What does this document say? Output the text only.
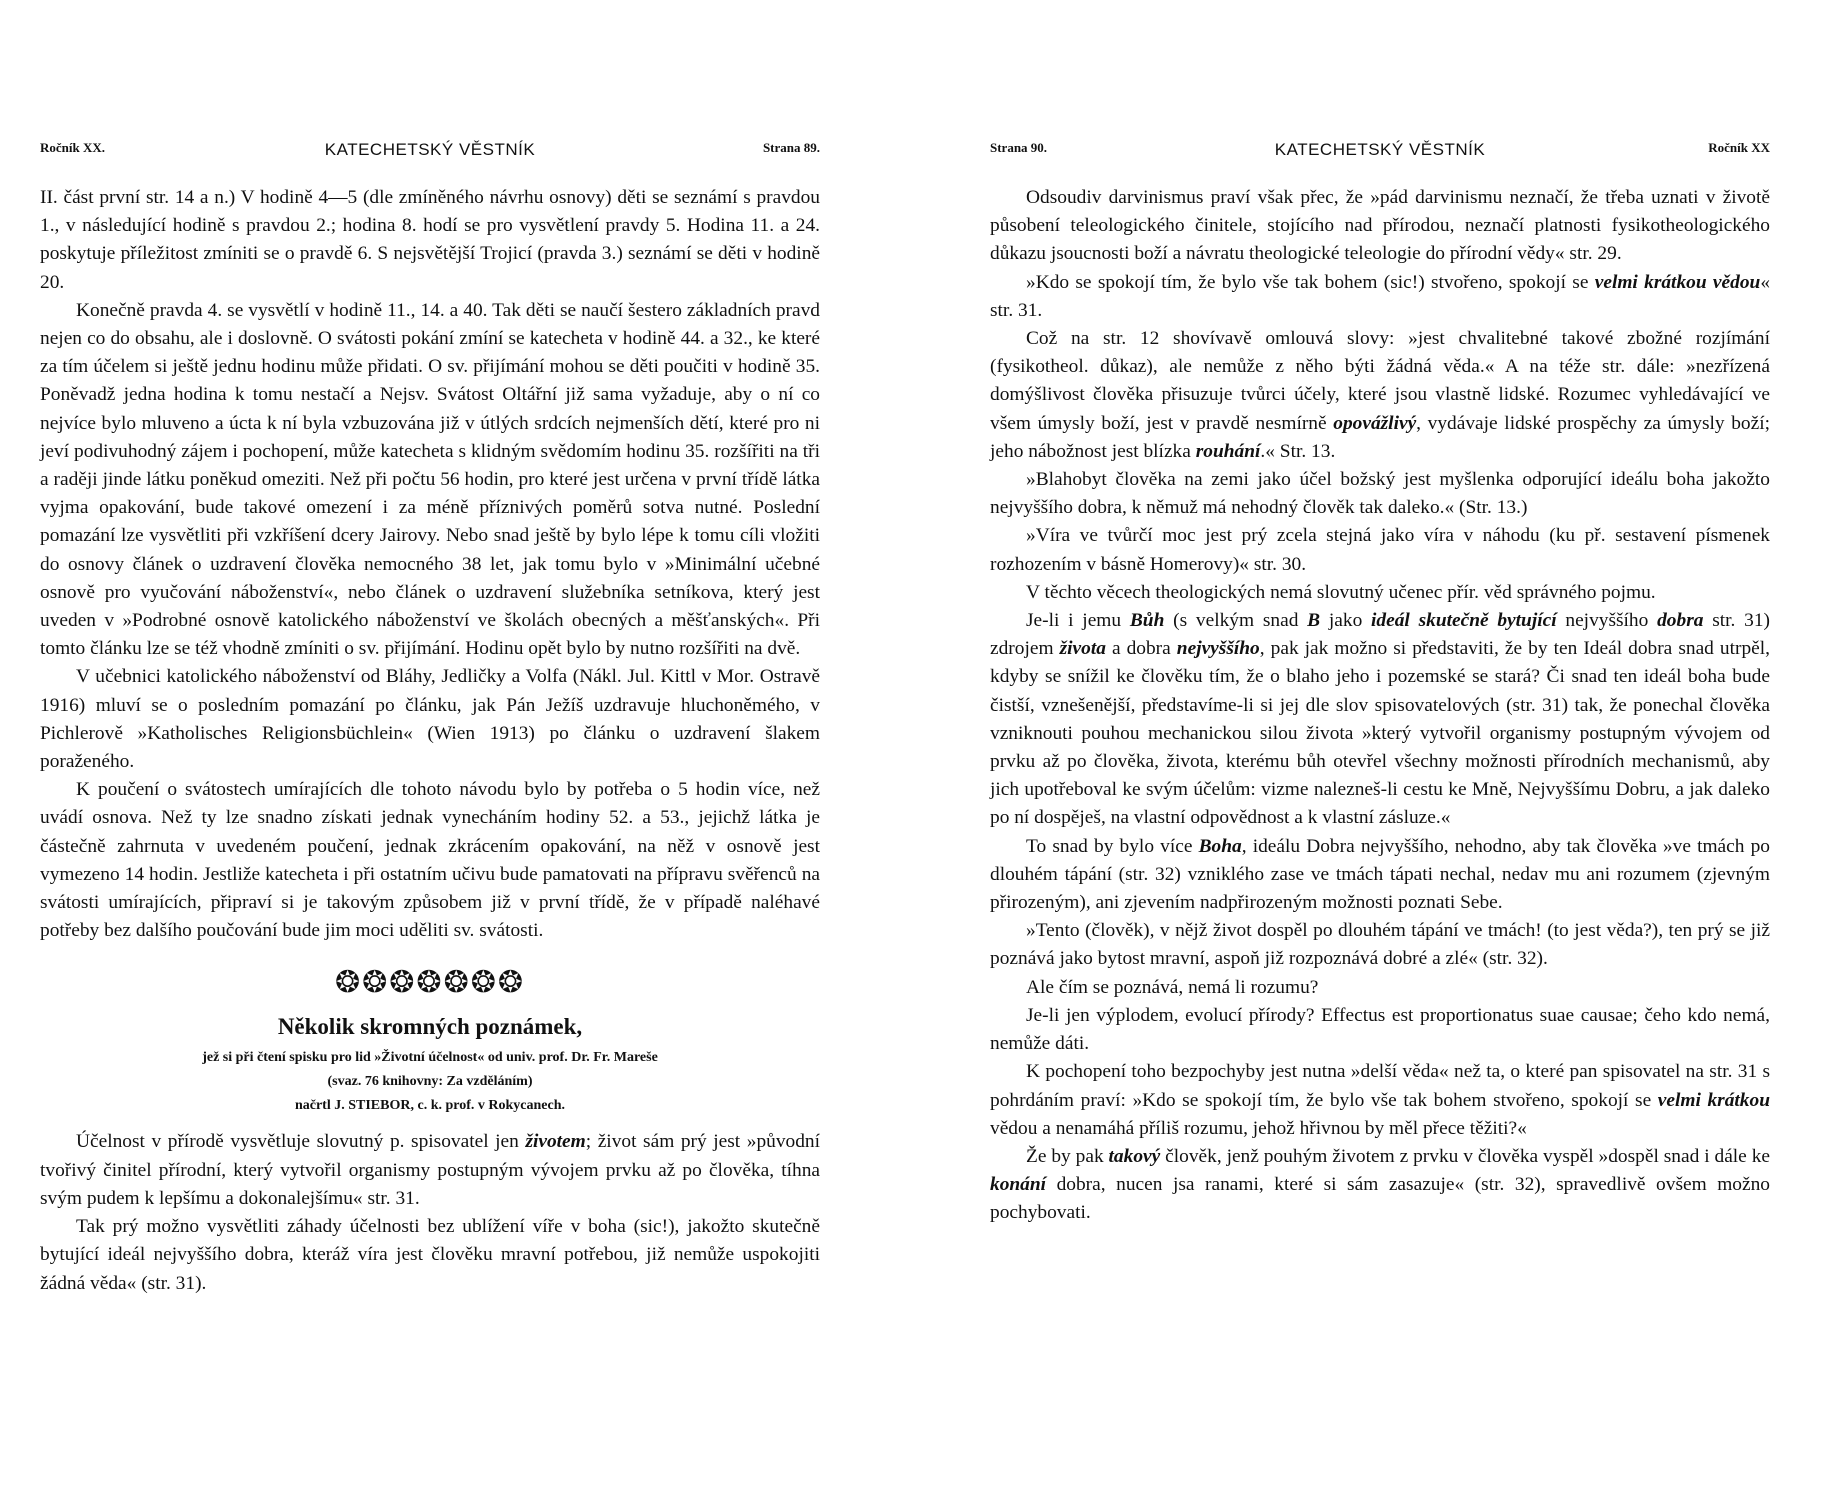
Ročník XX.	KATECHETSKÝ VĚSTNÍK	Strana 89.

II. část první str. 14 a n.) V hodině 4—5 (dle zmíněného návrhu osnovy) děti se seznámí s pravdou 1., v následující hodině s pravdou 2.; hodina 8. hodí se pro vysvětlení pravdy 5. Hodina 11. a 24. poskytuje příležitost zmíniti se o pravdě 6. S nejsvětější Trojicí (pravda 3.) seznámí se děti v hodině 20.

Konečně pravda 4. se vysvětlí v hodině 11., 14. a 40. Tak děti se naučí šestero základních pravd nejen co do obsahu, ale i doslovně. O svátosti pokání zmíní se katecheta v hodině 44. a 32., ke které za tím účelem si ještě jednu hodinu může přidati. O sv. přijímání mohou se děti poučiti v hodině 35. Poněvadž jedna hodina k tomu nestačí a Nejsv. Svátost Oltářní již sama vyžaduje, aby o ní co nejvíce bylo mluveno a úcta k ní byla vzbuzována již v útlých srdcích nejmenších dětí, které pro ni jeví podivuhodný zájem i pochopení, může katecheta s klidným svědomím hodinu 35. rozšířiti na tři a raději jinde látku poněkud omeziti. Než při počtu 56 hodin, pro které jest určena v první třídě látka vyjma opakování, bude takové omezení i za méně příznivých poměrů sotva nutné. Poslední pomazání lze vysvětliti při vzkříšení dcery Jairovy. Nebo snad ještě by bylo lépe k tomu cíli vložiti do osnovy článek o uzdravení člověka nemocného 38 let, jak tomu bylo v »Minimální učebné osnově pro vyučování náboženství«, nebo článek o uzdravení služebníka setníkova, který jest uveden v »Podrobné osnově katolického náboženství ve školách obecných a měšťanských«. Při tomto článku lze se též vhodně zmíniti o sv. přijímání. Hodinu opět bylo by nutno rozšířiti na dvě.

V učebnici katolického náboženství od Bláhy, Jedličky a Volfa (Nákl. Jul. Kittl v Mor. Ostravě 1916) mluví se o posledním pomazání po článku, jak Pán Ježíš uzdravuje hluchoněmého, v Pichlerově »Katholisches Religionsbüchlein« (Wien 1913) po článku o uzdravení šlakem poraženého.

K poučení o svátostech umírajících dle tohoto návodu bylo by potřeba o 5 hodin více, než uvádí osnova. Než ty lze snadno získati jednak vynecháním hodiny 52. a 53., jejichž látka je částečně zahrnuta v uvedeném poučení, jednak zkrácením opakování, na něž v osnově jest vymezeno 14 hodin. Jestliže katecheta i při ostatním učivu bude pamatovati na přípravu svěřenců na svátosti umírajících, připraví si je takovým způsobem již v první třídě, že v případě naléhavé potřeby bez dalšího poučování bude jim moci uděliti sv. svátosti.

❂❂❂❂❂❂❂
Několik skromných poznámek,
jež si při čtení spisku pro lid »Životní účelnost« od univ. prof. Dr. Fr. Mareše
(svaz. 76 knihovny: Za vzděláním)
načrtl J. STIEBOR, c. k. prof. v Rokycanech.

Účelnost v přírodě vysvětluje slovutný p. spisovatel jen životem; život sám prý jest »původní tvořivý činitel přírodní, který vytvořil organismy postupným vývojem prvku až po člověka, tíhna svým pudem k lepšímu a dokonalejšímu« str. 31.

Tak prý možno vysvětliti záhady účelnosti bez ublížení víře v boha (sic!), jakožto skutečně bytující ideál nejvyššího dobra, kteráž víra jest člověku mravní potřebou, již nemůže uspokojiti žádná věda« (str. 31).

Strana 90.	KATECHETSKÝ VĚSTNÍK	Ročník XX

Odsoudiv darvinismus praví však přec, že »pád darvinismu neznačí, že třeba uznati v životě působení teleologického činitele, stojícího nad přírodou, neznačí platnosti fysikotheologického důkazu jsoucnosti boží a návratu theologické teleologie do přírodní vědy« str. 29.

»Kdo se spokojí tím, že bylo vše tak bohem (sic!) stvořeno, spokojí se velmi krátkou vědou« str. 31.

Což na str. 12 shovívavě omlouvá slovy: »jest chvalitebné takové zbožné rozjímání (fysikotheol. důkaz), ale nemůže z něho býti žádná věda.« A na téže str. dále: »nezřízená domýšlivost člověka přisuzuje tvůrci účely, které jsou vlastně lidské. Rozumec vyhledávající ve všem úmysly boží, jest v pravdě nesmírně opovážlivý, vydávaje lidské prospěchy za úmysly boží; jeho nábožnost jest blízka rouhání.« Str. 13.

»Blahobyt člověka na zemi jako účel božský jest myšlenka odporující ideálu boha jakožto nejvyššího dobra, k němuž má nehodný člověk tak daleko.« (Str. 13.)

»Víra ve tvůrčí moc jest prý zcela stejná jako víra v náhodu (ku př. sestavení písmenek rozhozením v básně Homerovy)« str. 30.

V těchto věcech theologických nemá slovutný učenec přír. věd správného pojmu.

Je-li i jemu Bůh (s velkým snad B jako ideál skutečně bytující nejvyššího dobra str. 31) zdrojem života a dobra nejvyššího, pak jak možno si představiti, že by ten Ideál dobra snad utrpěl, kdyby se snížil ke člověku tím, že o blaho jeho i pozemské se stará? Či snad ten ideál boha bude čistší, vznešenější, představíme-li si jej dle slov spisovatelových (str. 31) tak, že ponechal člověka vzniknouti pouhou mechanickou silou života »který vytvořil organismy postupným vývojem od prvku až po člověka, života, kterému bůh otevřel všechny možnosti přírodních mechanismů, aby jich upotřeboval ke svým účelům: vizme nalezneš-li cestu ke Mně, Nejvyššímu Dobru, a jak daleko po ní dospěješ, na vlastní odpovědnost a k vlastní zásluze.«

To snad by bylo více Boha, ideálu Dobra nejvyššího, nehodno, aby tak člověka »ve tmách po dlouhém tápání (str. 32) vzniklého zase ve tmách tápati nechal, nedav mu ani rozumem (zjevným přirozeným), ani zjevením nadpřirozeným možnosti poznati Sebe.

»Tento (člověk), v nějž život dospěl po dlouhém tápání ve tmách! (to jest věda?), ten prý se již poznává jako bytost mravní, aspoň již rozpoznává dobré a zlé« (str. 32).

Ale čím se poznává, nemá li rozumu?

Je-li jen výplodem, evolucí přírody? Effectus est proportionatus suae causae; čeho kdo nemá, nemůže dáti.

K pochopení toho bezpochyby jest nutna »delší věda« než ta, o které pan spisovatel na str. 31 s pohrdáním praví: »Kdo se spokojí tím, že bylo vše tak bohem stvořeno, spokojí se velmi krátkou vědou a nenamáhá příliš rozumu, jehož hřivnou by měl přece těžiti?«

Že by pak takový člověk, jenž pouhým životem z prvku v člověka vyspěl »dospěl snad i dále ke konání dobra, nucen jsa ranami, které si sám zasazuje« (str. 32), spravedlivě ovšem možno pochybovati.
